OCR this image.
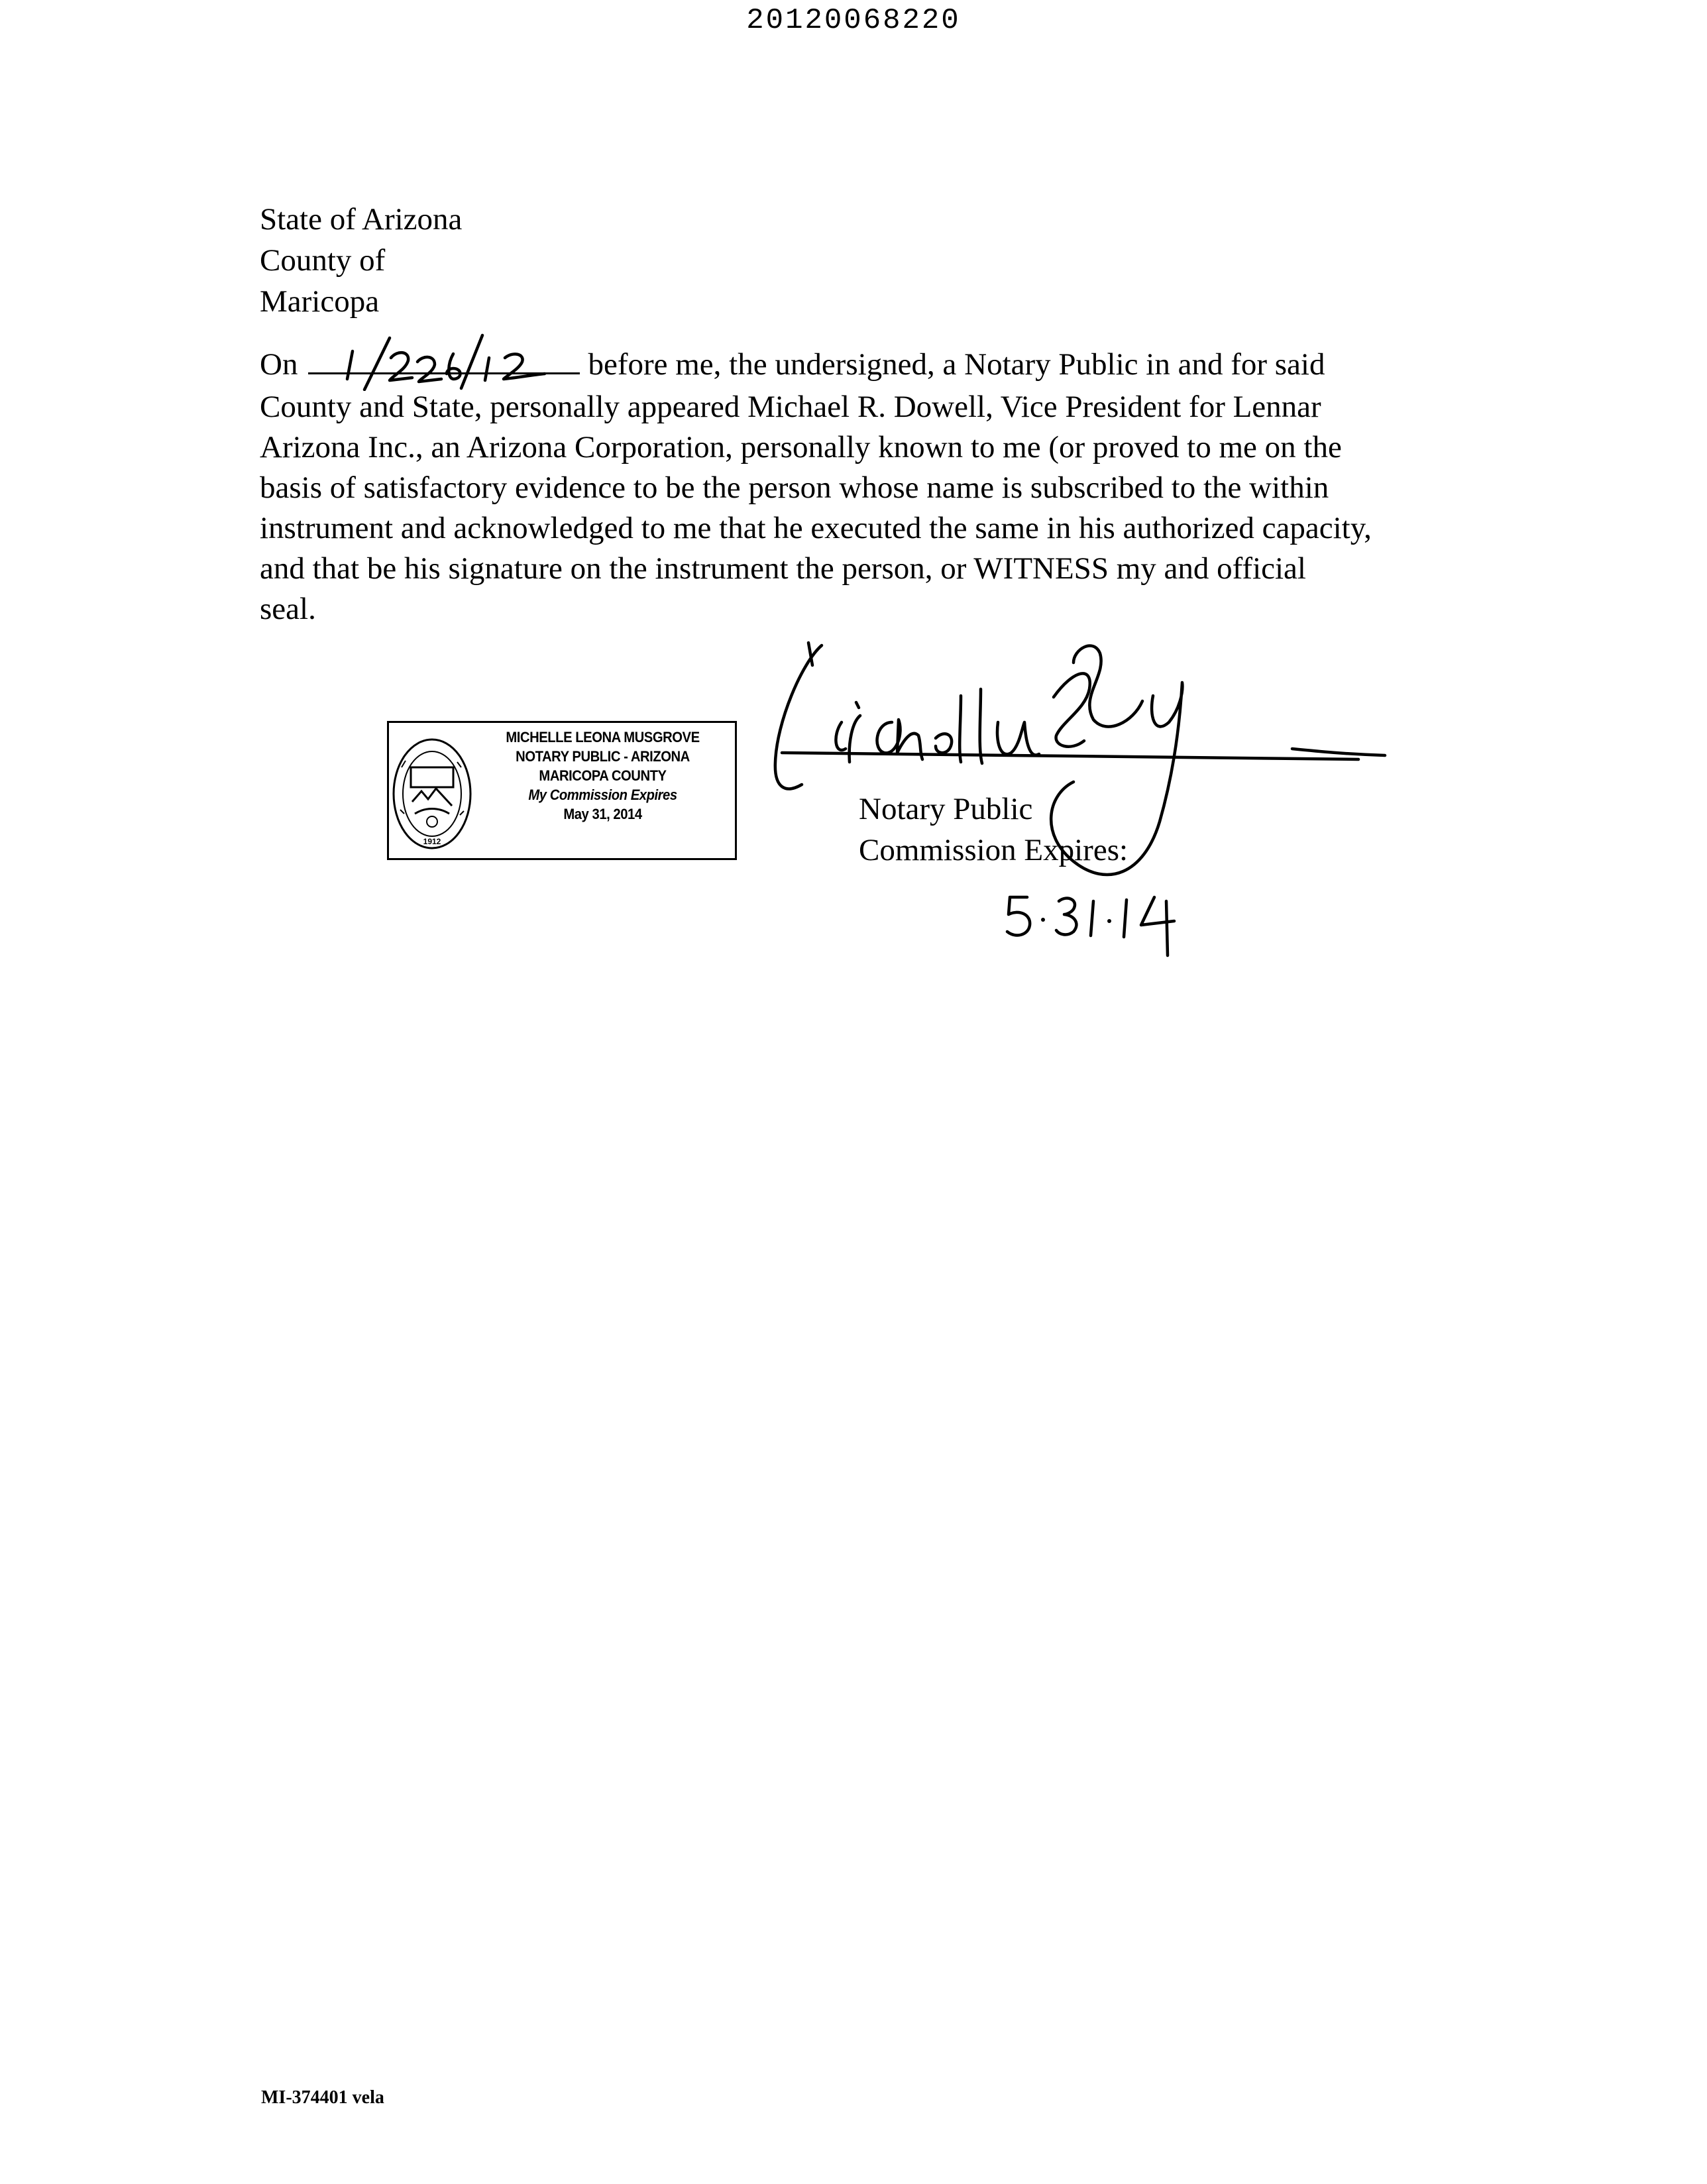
20120068220
State of Arizona
County of
Maricopa
On	before me, the undersigned, a Notary Public in and for said
County and State, personally appeared Michael R. Dowell, Vice President for Lennar
Arizona Inc., an Arizona Corporation, personally known to me (or proved to me on the
basis of satisfactory evidence to be the person whose name is subscribed to the within
instrument and acknowledged to me that he executed the same in his authorized capacity,
and that be his signature on the instrument the person, or WITNESS my and official
seal.
1912
MICHELLE LEONA MUSGROVE
NOTARY PUBLIC - ARIZONA
MARICOPA COUNTY
My Commission Expires
May 31, 2014	Notary Public
Commission Expires:
MI-374401 vela
